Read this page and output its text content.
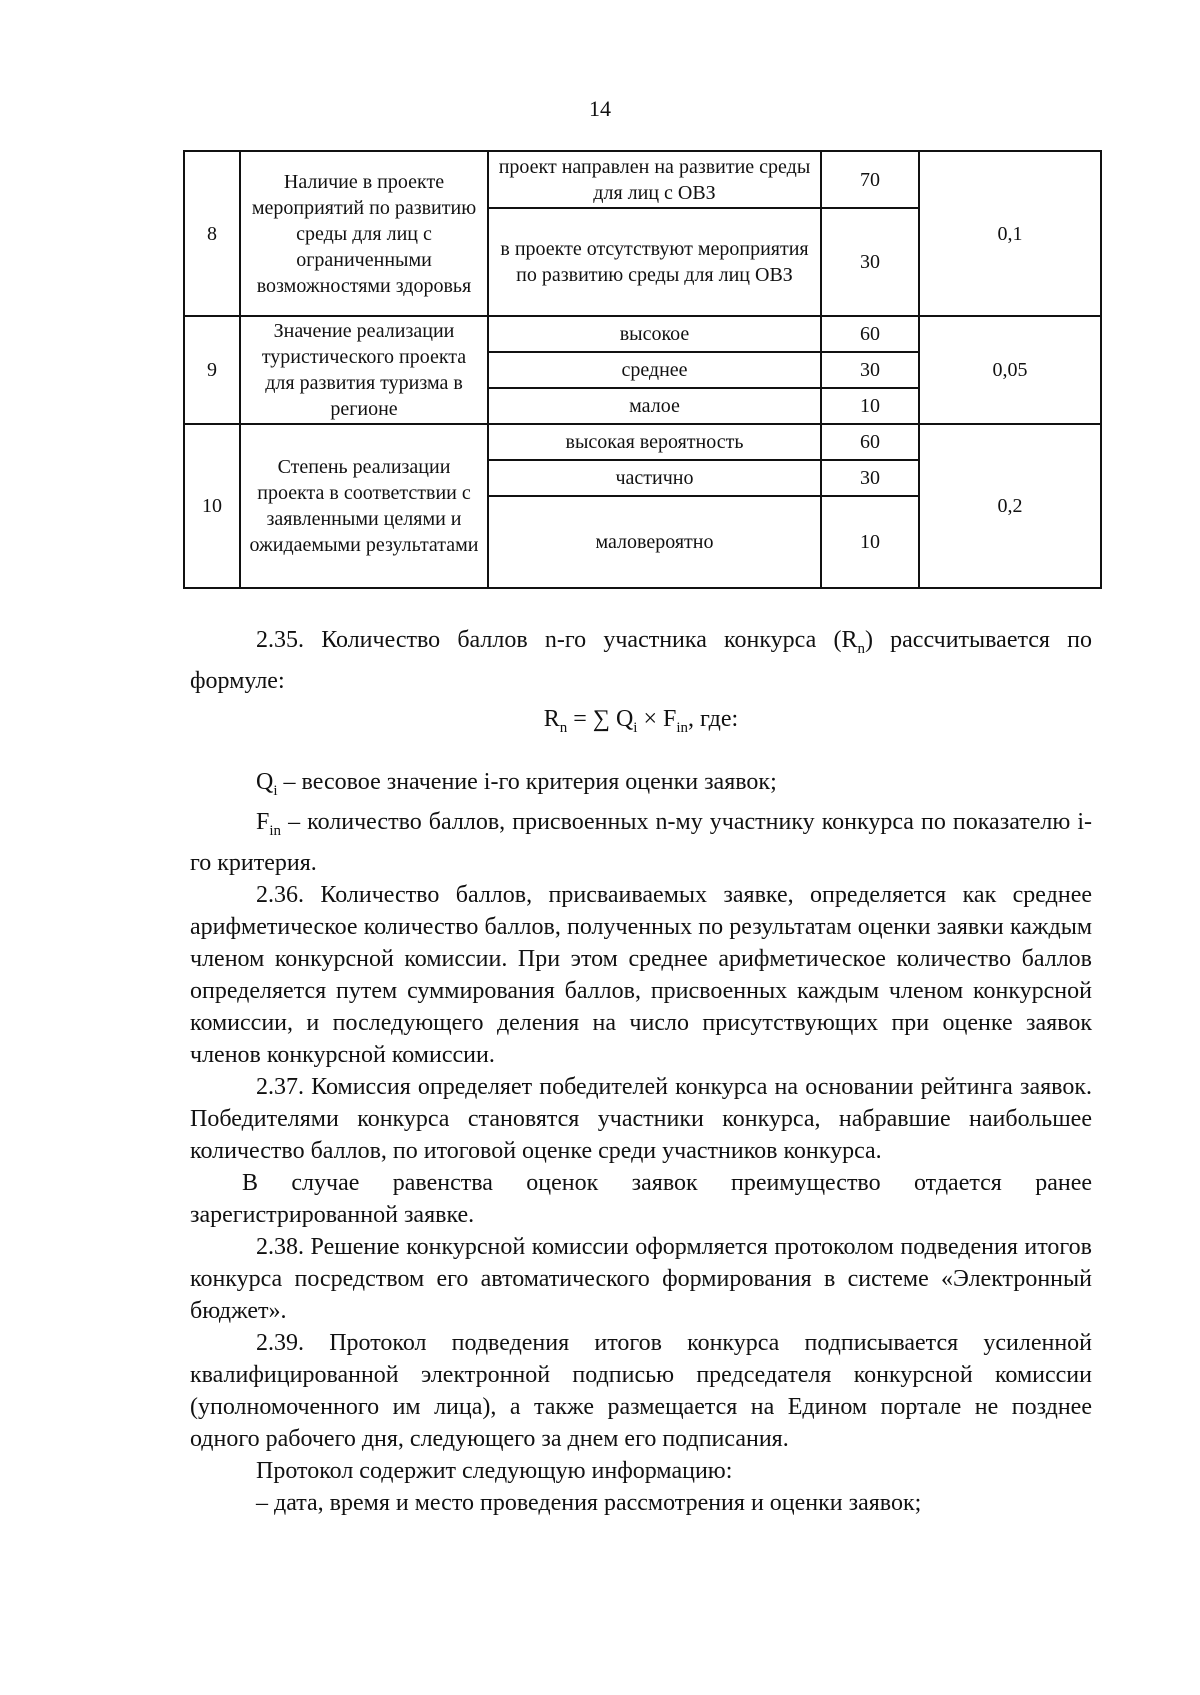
14
8	Наличие в проекте мероприятий по развитию среды для лиц с ограниченными возможностями здоровья	проект направлен на развитие среды для лиц с ОВЗ	70	0,1
		в проекте отсутствуют мероприятия по развитию среды для лиц ОВЗ	30	
9	Значение реализации туристического проекта для развития туризма в регионе	высокое	60	0,05
		среднее	30	
		малое	10	
10	Степень реализации проекта в соответствии с заявленными целями и ожидаемыми результатами	высокая вероятность	60	0,2
		частично	30	
		маловероятно	10	

2.35. Количество баллов n-го участника конкурса $(R_n)$ рассчитывается по формуле:

$R_n$ = ∑ $Q_i \times F_{in}$, где:

$Q_i$ – весовое значение i-го критерия оценки заявок;

$F_{in}$ – количество баллов, присвоенных n-му участнику конкурса по показателю i-го критерия.

2.36. Количество баллов, присваиваемых заявке, определяется как среднее арифметическое количество баллов, полученных по результатам оценки заявки каждым членом конкурсной комиссии. При этом среднее арифметическое количество баллов определяется путем суммирования баллов, присвоенных каждым членом конкурсной комиссии, и последующего деления на число присутствующих при оценке заявок членов конкурсной комиссии.

2.37. Комиссия определяет победителей конкурса на основании рейтинга заявок. Победителями конкурса становятся участники конкурса, набравшие наибольшее количество баллов, по итоговой оценке среди участников конкурса.

В случае равенства оценок заявок преимущество отдается ранее зарегистрированной заявке.

2.38. Решение конкурсной комиссии оформляется протоколом подведения итогов конкурса посредством его автоматического формирования в системе «Электронный бюджет».

2.39. Протокол подведения итогов конкурса подписывается усиленной квалифицированной электронной подписью председателя конкурсной комиссии (уполномоченного им лица), а также размещается на Едином портале не позднее одного рабочего дня, следующего за днем его подписания.

Протокол содержит следующую информацию:

– дата, время и место проведения рассмотрения и оценки заявок;
